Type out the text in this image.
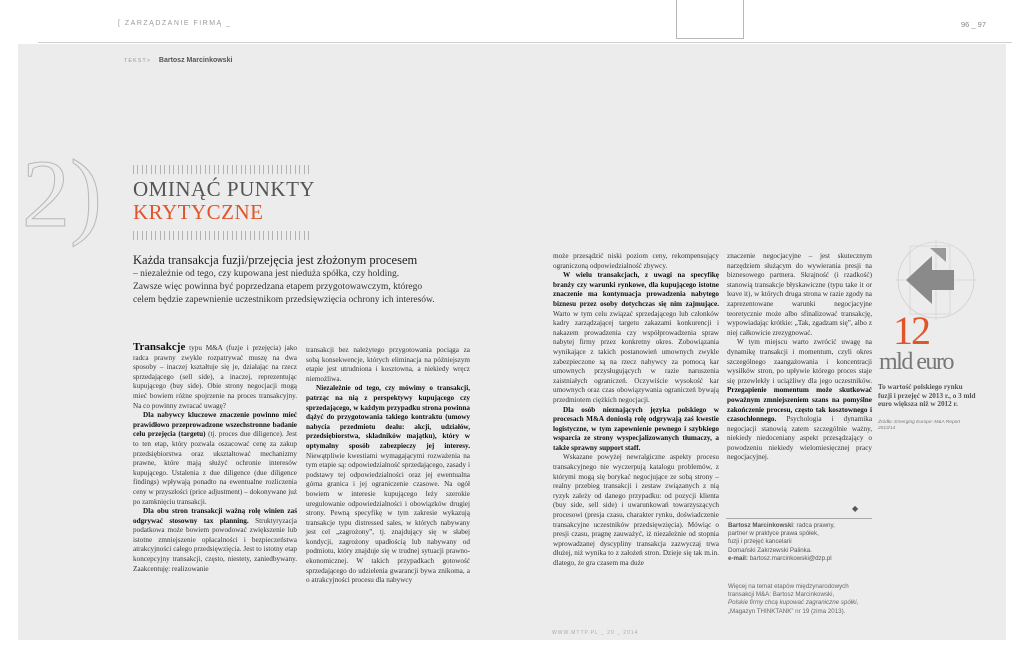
[ ZARZĄDZANIE FIRMĄ _	96 _ 97
TEKST> Bartosz Marcinkowski
2) OMINĄĆ PUNKTY
KRYTYCZNE
Każda transakcja fuzji/przejęcia jest złożonym procesem
– niezależnie od tego, czy kupowana jest nieduża spółka, czy holding.
Zawsze więc powinna być poprzedzana etapem przygotowawczym, którego
celem będzie zapewnienie uczestnikom przedsięwzięcia ochrony ich interesów.

Transakcje typu M&A (fuzje i przejęcia) jako radca prawny zwykle rozpatrywać muszę na dwa sposoby – inaczej kształtuje się je, działając na rzecz sprzedającego (sell side), a inaczej, reprezentując kupującego (buy side). Obie strony negocjacji mogą mieć bowiem różne spojrzenie na proces transakcyjny. Na co powinny zwracać uwagę?

Dla nabywcy kluczowe znaczenie powinno mieć prawidłowo przeprowadzone wszechstronne badanie celu przejęcia (targetu) (tj. proces due diligence). Jest to ten etap, który pozwala oszacować cenę za zakup przedsiębiorstwa oraz ukształtować mechanizmy prawne, które mają służyć ochronie interesów kupującego. Ustalenia z due diligence (due diligence findings) wpływają ponadto na ewentualne rozliczenia ceny w przyszłości (price adjustment) – dokonywane już po zamknięciu transakcji.

Dla obu stron transakcji ważną rolę winien zaś odgrywać stosowny tax planning. Struktyryzacja podatkowa może bowiem powodować zwiększenie lub istotne zmniejszenie opłacalności i bezpieczeństwa atrakcyjności całego przedsięwzięcia. Jest to istotny etap koncepcyjny transakcji, często, niestety, zaniedbywany. Zaakcentuję: realizowanie

transakcji bez należytego przygotowania pociąga za sobą konsekwencje, których eliminacja na późniejszym etapie jest utrudniona i kosztowna, a niekiedy wręcz niemożliwa.

Niezależnie od tego, czy mówimy o transakcji, patrząc na nią z perspektywy kupującego czy sprzedającego, w każdym przypadku strona powinna dążyć do przygotowania takiego kontraktu (umowy nabycia przedmiotu dealu: akcji, udziałów, przedsiębiorstwa, składników majątku), który w optymalny sposób zabezpieczy jej interesy. Niewątpliwie kwestiami wymagającymi rozważenia na tym etapie są: odpowiedzialność sprzedającego, zasady i podstawy tej odpowiedzialności oraz jej ewentualna górna granica i jej ograniczenie czasowe. Na ogół bowiem w interesie kupującego leży szerokie uregulowanie odpowiedzialności i obowiązków drugiej strony. Pewną specyfikę w tym zakresie wykazują transakcje typu distressed sales, w których nabywany jest cel „zagrożony”, tj. znajdujący się w słabej kondycji, zagrożony upadłością lub nabywany od podmiotu, który znajduje się w trudnej sytuacji prawno-ekonomicznej. W takich przypadkach gotowość sprzedającego do udzielenia gwarancji bywa znikoma, a o atrakcyjności procesu dla nabywcy

może przesądzić niski poziom ceny, rekompensujący ograniczoną odpowiedzialność zbywcy.

W wielu transakcjach, z uwagi na specyfikę branży czy warunki rynkowe, dla kupującego istotne znaczenie ma kontynuacja prowadzenia nabytego biznesu przez osoby dotychczas się nim zajmujące. Warto w tym celu związać sprzedającego lub członków kadry zarządzającej targetu zakazami konkurencji i nakazem prowadzenia czy współprowadzenia spraw nabytej firmy przez konkretny okres. Zobowiązania wynikające z takich postanowień umownych zwykle zabezpieczone są na rzecz nabywcy za pomocą kar umownych przysługujących w razie naruszenia zaistniałych ograniczeń. Oczywiście wysokość kar umownych oraz czas obowiązywania ograniczeń bywają przedmiotem ciężkich negocjacji.

Dla osób nieznających języka polskiego w procesach M&A doniosłą rolę odgrywają zaś kwestie logistyczne, w tym zapewnienie pewnego i szybkiego wsparcia ze strony wyspecjalizowanych tłumaczy, a także sprawny support staff.

Wskazane powyżej newralgiczne aspekty procesu transakcyjnego nie wyczerpują katalogu problemów, z którymi mogą się borykać negocjujące ze sobą strony – realny przebieg transakcji i zestaw związanych z nią ryzyk zależy od danego przypadku: od pozycji klienta (buy side, sell side) i uwarunkowań towarzyszących procesowi (presja czasu, charakter rynku, doświadczenie transakcyjne uczestników przedsięwzięcia). Mówiąc o presji czasu, pragnę zauważyć, iż niezależnie od stopnia wprowadzanej dyscypliny transakcja zazwyczaj trwa dłużej, niż wynika to z założeń stron. Dzieje się tak m.in. dlatego, że gra czasem ma duże

znaczenie negocjacyjne – jest skutecznym narzędziem służącym do wywierania presji na biznesowego partnera. Skrajność (i rzadkość) stanowią transakcje błyskawiczne (typu take it or leave it), w których druga strona w razie zgody na zaprezentowane warunki negocjacyjne teoretycznie może albo sfinalizować transakcję, wypowiadając krótkie: „Tak, zgadzam się”, albo z niej całkowicie zrezygnować.

W tym miejscu warto zwrócić uwagę na dynamikę transakcji i momentum, czyli okres szczególnego zaangażowania i koncentracji wysiłków stron, po upływie którego proces staje się przewlekły i uciążliwy dla jego uczestników. Przegapienie momentum może skutkować poważnym zmniejszeniem szans na pomyślne zakończenie procesu, często tak kosztownego i czasochłonnego. Psychologia i dynamika negocjacji stanowią zatem szczególnie ważny, niekiedy niedoceniany aspekt przesądzający o powodzeniu niekiedy wielomiesięcznej pracy negocjacyjnej.

◆
12
mld euro
To wartość polskiego rynku fuzji i przejęć w 2013 r., o 3 mld euro większa niż w 2012 r.
Źródło: Emerging Europe: M&A Report 2013/14
Bartosz Marcinkowski: radca prawny,
partner w praktyce prawa spółek,
fuzji i przejęć kancelarii
Domański Zakrzewski Palinka.
e-mail: bartosz.marcinkowski@dzp.pl
Więcej na temat etapów międzynarodowych
transakcji M&A: Bartosz Marcinkowski,
Polskie firmy chcą kupować zagraniczne spółki,
„Magazyn THINKTANK” nr 19 (zima 2013).
WWW.MTTP.PL _ 20 _ 2014
